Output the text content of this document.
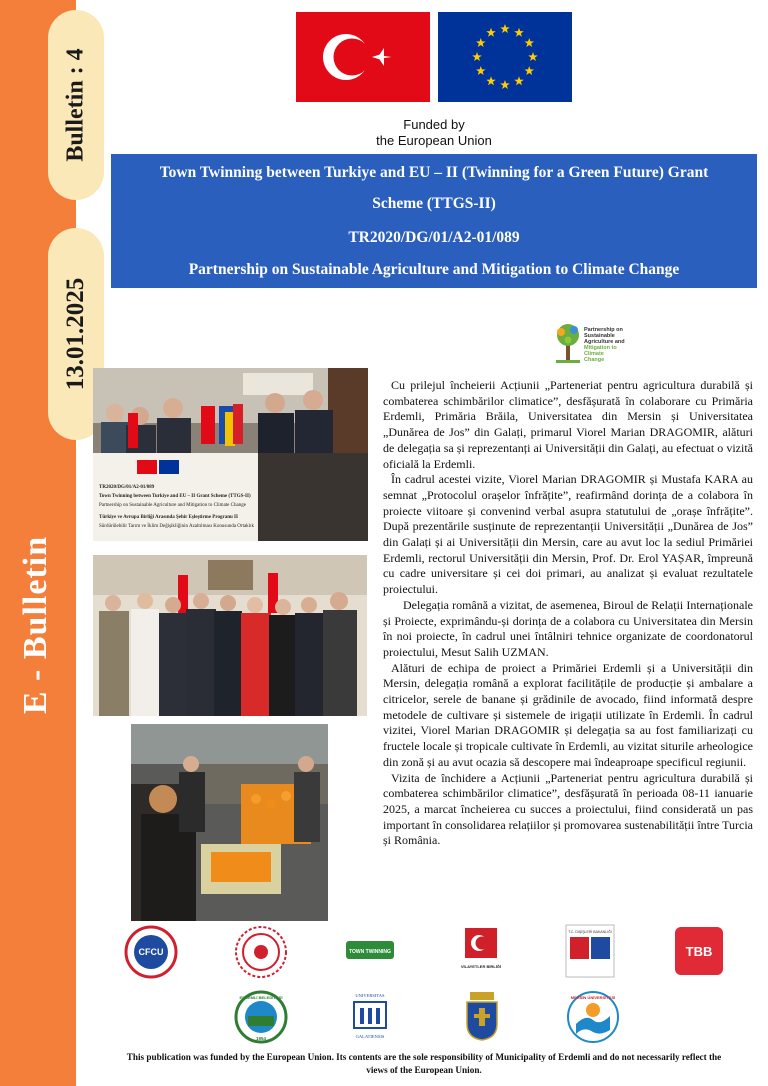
Bulletin : 4
13.01.2025
E - Bulletin
Funded by
the European Union
Town Twinning between Turkiye and EU – II (Twinning for a Green Future) Grant
Scheme (TTGS-II)
TR2020/DG/01/A2-01/089
Partnership on Sustainable Agriculture and Mitigation to Climate Change
Partnership on
Sustainable
Agriculture and
Mitigation to
Climate
Change
TR2020/DG/01/A2-01/089
Town Twinning between Turkiye and EU – II Grant Scheme (TTGS-II)
Partnership on Sustainable Agriculture and Mitigation to Climate Change
Türkiye ve Avrupa Birliği Arasında Şehir Eşleştirme Programı II
Sürdürülebilir Tarım ve İklim Değişikliğinin Azaltılması Konusunda Ortaklık

Cu prilejul încheierii Acțiunii „Parteneriat pentru agricultura durabilă și combaterea schimbărilor climatice”, desfășurată în colaborare cu Primăria Erdemli, Primăria Brăila, Universitatea din Mersin și Universitatea „Dunărea de Jos” din Galați, primarul Viorel Marian DRAGOMIR, alături de delegația sa și reprezentanți ai Universității din Galați, au efectuat o vizită oficială la Erdemli.

În cadrul acestei vizite, Viorel Marian DRAGOMIR și Mustafa KARA au semnat „Protocolul orașelor înfrățite”, reafirmând dorința de a colabora în proiecte viitoare și convenind verbal asupra statutului de „orașe înfrățite”. După prezentările susținute de reprezentanții Universității „Dunărea de Jos” din Galați și ai Universității din Mersin, care au avut loc la sediul Primăriei Erdemli, rectorul Universității din Mersin, Prof. Dr. Erol YAȘAR, împreună cu cadre universitare și cei doi primari, au analizat și evaluat rezultatele proiectului.

Delegația română a vizitat, de asemenea, Biroul de Relații Internaționale și Proiecte, exprimându-și dorința de a colabora cu Universitatea din Mersin în noi proiecte, în cadrul unei întâlniri tehnice organizate de coordonatorul proiectului, Mesut Salih UZMAN.

Alături de echipa de proiect a Primăriei Erdemli și a Universității din Mersin, delegația română a explorat facilitățile de producție și ambalare a citricelor, serele de banane și grădinile de avocado, fiind informată despre metodele de cultivare și sistemele de irigații utilizate în Erdemli. În cadrul vizitei, Viorel Marian DRAGOMIR și delegația sa au fost familiarizați cu fructele locale și tropicale cultivate în Erdemli, au vizitat siturile arheologice din zonă și au avut ocazia să descopere mai îndeaproape specificul regiunii.

Vizita de închidere a Acțiunii „Parteneriat pentru agricultura durabilă și combaterea schimbărilor climatice”, desfășurată în perioada 08-11 ianuarie 2025, a marcat încheierea cu succes a proiectului, fiind considerată un pas important în consolidarea relațiilor și promovarea sustenabilității între Turcia și România.

CFCU	TOWN TWINNING
VİLAYETLER BİRLİĞİ
T.C. DIŞİŞLERİ BAKANLIĞI
TBB
ERDEMLİ BELEDİYESİ
1954
UNIVERSITAS
GALATIENSIS
MERSİN ÜNİVERSİTESİ
This publication was funded by the European Union. Its contents are the sole responsibility of Municipality of Erdemli and do not necessarily reflect the
views of the European Union.
